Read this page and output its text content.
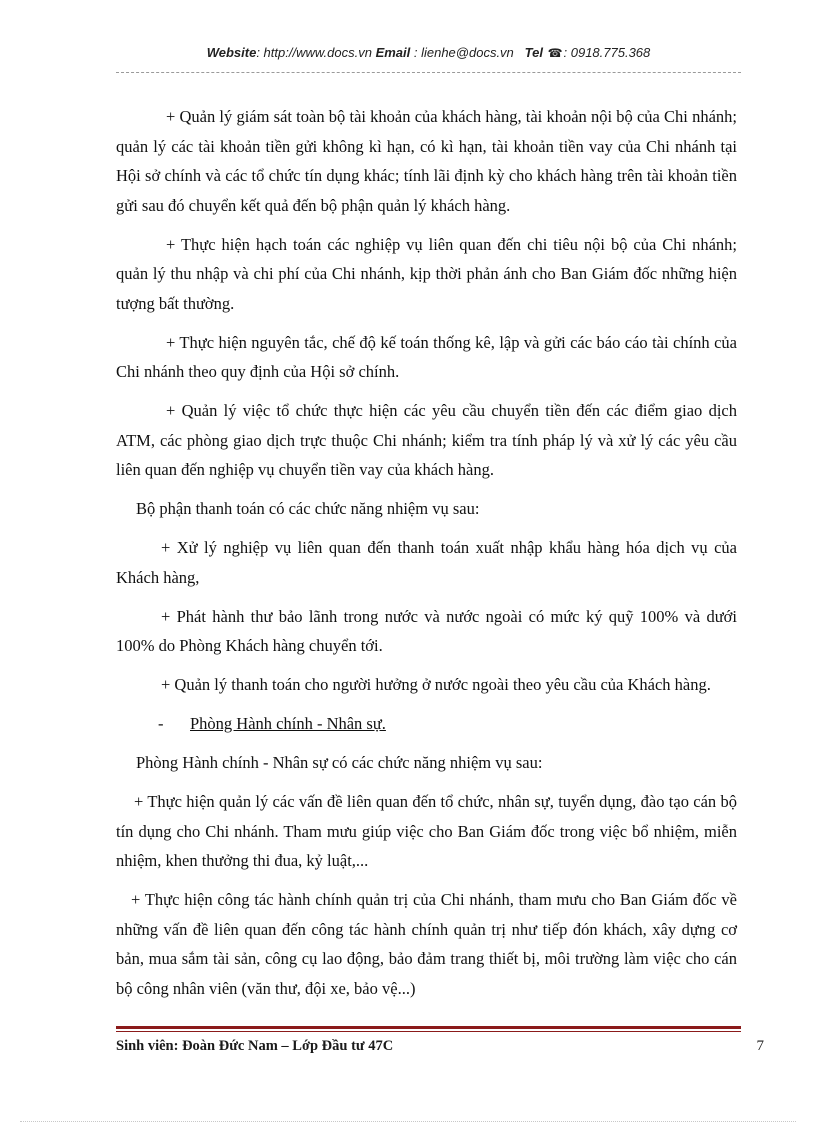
Website: http://www.docs.vn Email : lienhe@docs.vn Tel ☎: 0918.775.368

+ Quản lý giám sát toàn bộ tài khoản của khách hàng, tài khoản nội bộ của Chi nhánh; quản lý các tài khoản tiền gửi không kì hạn, có kì hạn, tài khoản tiền vay của Chi nhánh tại Hội sở chính và các tổ chức tín dụng khác; tính lãi định kỳ cho khách hàng trên tài khoản tiền gửi sau đó chuyển kết quả đến bộ phận quản lý khách hàng.

+ Thực hiện hạch toán các nghiệp vụ liên quan đến chi tiêu nội bộ của Chi nhánh; quản lý thu nhập và chi phí của Chi nhánh, kịp thời phản ánh cho Ban Giám đốc những hiện tượng bất thường.

+ Thực hiện nguyên tắc, chế độ kế toán thống kê, lập và gửi các báo cáo tài chính của Chi nhánh theo quy định của Hội sở chính.

+ Quản lý việc tổ chức thực hiện các yêu cầu chuyển tiền đến các điểm giao dịch ATM, các phòng giao dịch trực thuộc Chi nhánh; kiểm tra tính pháp lý và xử lý các yêu cầu liên quan đến nghiệp vụ chuyển tiền vay của khách hàng.

Bộ phận thanh toán có các chức năng nhiệm vụ sau:

+ Xử lý nghiệp vụ liên quan đến thanh toán xuất nhập khẩu hàng hóa dịch vụ của Khách hàng,

+ Phát hành thư bảo lãnh trong nước và nước ngoài có mức ký quỹ 100% và dưới 100% do Phòng Khách hàng chuyển tới.

+ Quản lý thanh toán cho người hưởng ở nước ngoài theo yêu cầu của Khách hàng.

-	Phòng Hành chính - Nhân sự.

Phòng Hành chính - Nhân sự có các chức năng nhiệm vụ sau:

+ Thực hiện quản lý các vấn đề liên quan đến tổ chức, nhân sự, tuyển dụng, đào tạo cán bộ tín dụng cho Chi nhánh. Tham mưu giúp việc cho Ban Giám đốc trong việc bổ nhiệm, miễn nhiệm, khen thưởng thi đua, kỷ luật,...

+ Thực hiện công tác hành chính quản trị của Chi nhánh, tham mưu cho Ban Giám đốc về những vấn đề liên quan đến công tác hành chính quản trị như tiếp đón khách, xây dựng cơ bản, mua sắm tài sản, công cụ lao động, bảo đảm trang thiết bị, môi trường làm việc cho cán bộ công nhân viên (văn thư, đội xe, bảo vệ...)

Sinh viên: Đoàn Đức Nam – Lớp Đầu tư 47C	7
